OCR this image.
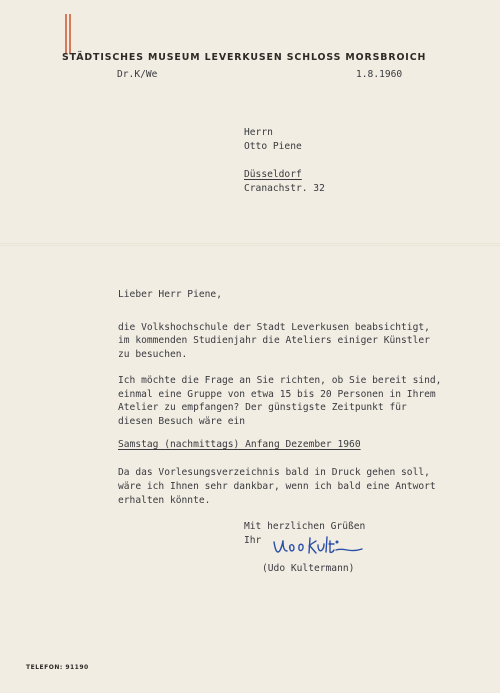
STÄDTISCHES MUSEUM LEVERKUSEN SCHLOSS MORSBROICH
Dr.K/We	1.8.1960
Herrn
Otto Piene
Düsseldorf
Cranachstr. 32
Lieber Herr Piene,
die Volkshochschule der Stadt Leverkusen beabsichtigt,
im kommenden Studienjahr die Ateliers einiger Künstler
zu besuchen.
Ich möchte die Frage an Sie richten, ob Sie bereit sind,
einmal eine Gruppe von etwa 15 bis 20 Personen in Ihrem
Atelier zu empfangen? Der günstigste Zeitpunkt für
diesen Besuch wäre ein
Samstag (nachmittags) Anfang Dezember 1960
Da das Vorlesungsverzeichnis bald in Druck gehen soll,
wäre ich Ihnen sehr dankbar, wenn ich bald eine Antwort
erhalten könnte.
Mit herzlichen Grüßen
Ihr
(Udo Kultermann)
TELEFON: 91190
